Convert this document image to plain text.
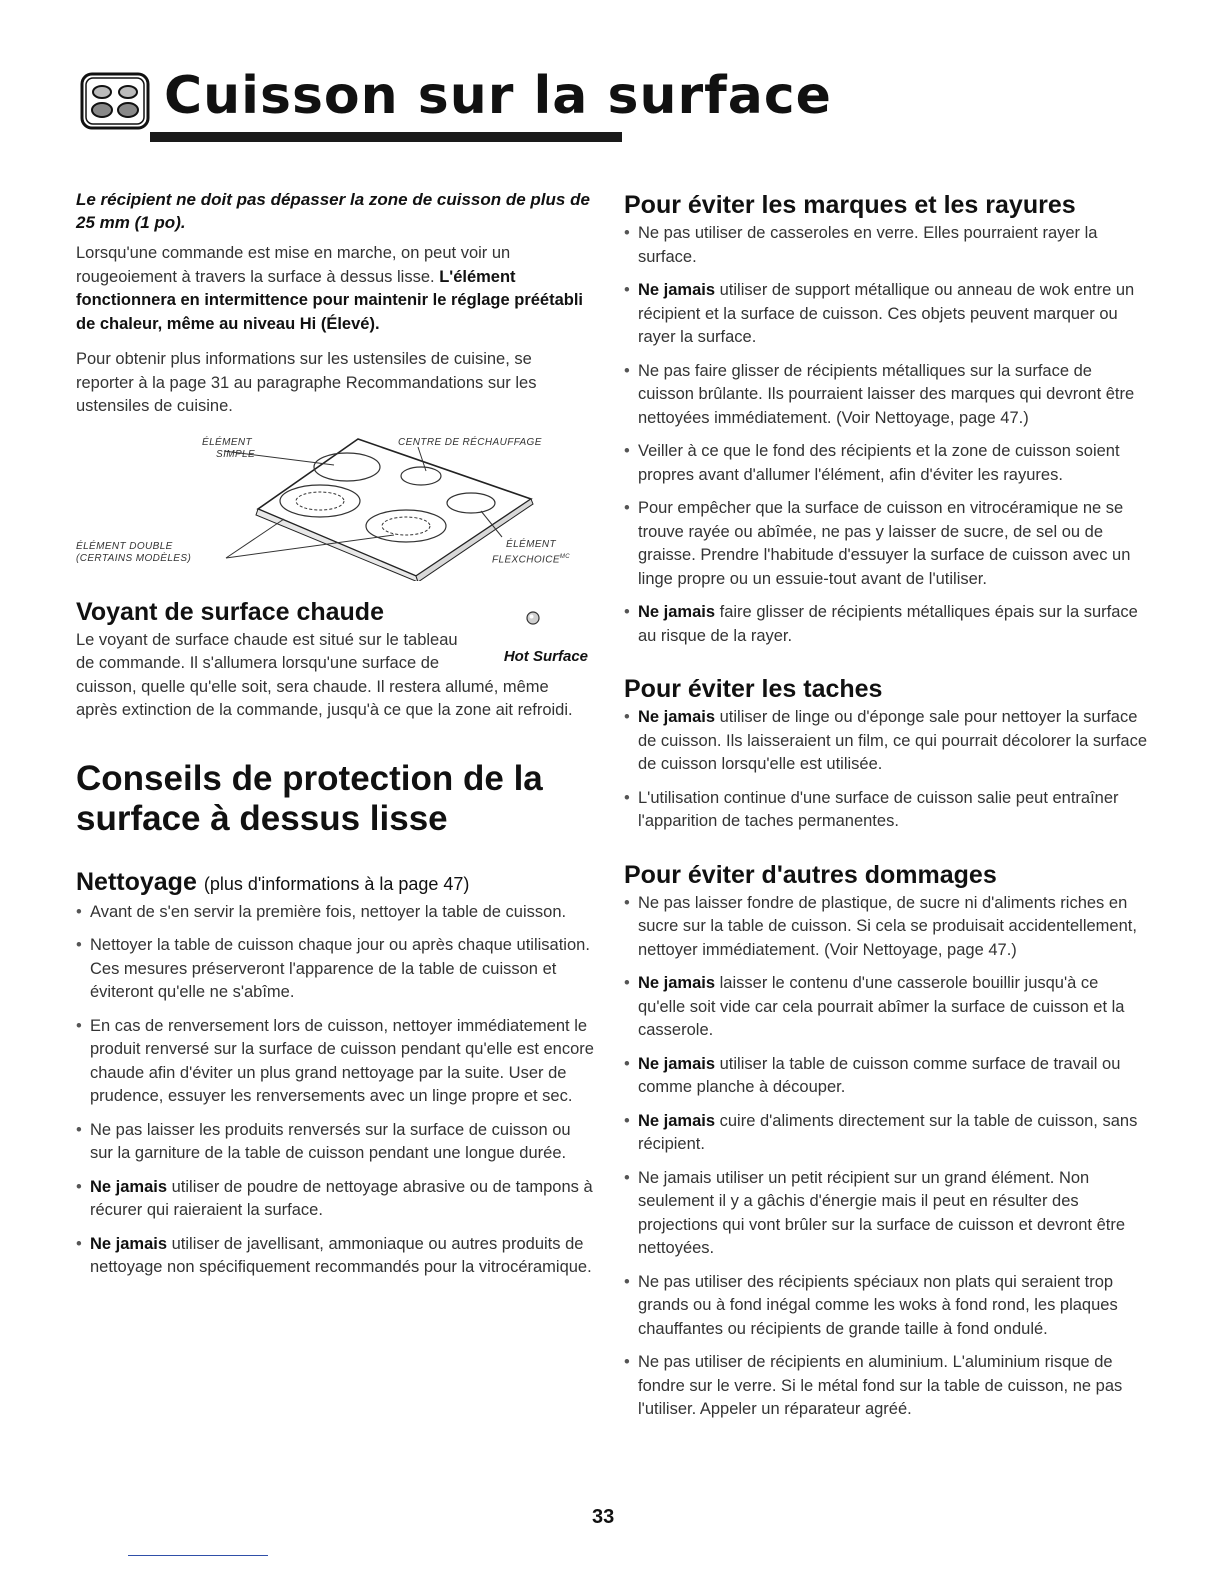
Cuisson sur la surface

Le récipient ne doit pas dépasser la zone de cuisson de plus de 25 mm (1 po).

Lorsqu'une commande est mise en marche, on peut voir un rougeoiement à travers la surface à dessus lisse. L'élément fonctionnera en intermittence pour maintenir le réglage préétabli de chaleur, même au niveau Hi (Élevé).

Pour obtenir plus informations sur les ustensiles de cuisine, se reporter à la page 31 au paragraphe Recommandations sur les ustensiles de cuisine.

ÉLÉMENT
SIMPLE
CENTRE DE RÉCHAUFFAGE
ÉLÉMENT DOUBLE
(CERTAINS MODÈLES)
ÉLÉMENT
$FLEXCHOICE^{MC}$
Voyant de surface chaude
Hot Surface
Le voyant de surface chaude est situé sur le tableau
de commande. Il s'allumera lorsqu'une surface de
cuisson, quelle qu'elle soit, sera chaude. Il restera allumé, même après extinction de la commande, jusqu'à ce que la zone ait refroidi.
Conseils de protection de la surface à dessus lisse
Nettoyage (plus d'informations à la page 47)
• Avant de s'en servir la première fois, nettoyer la table de cuisson.
• Nettoyer la table de cuisson chaque jour ou après chaque utilisation. Ces mesures préserveront l'apparence de la table de cuisson et éviteront qu'elle ne s'abîme.
• En cas de renversement lors de cuisson, nettoyer immédiatement le produit renversé sur la surface de cuisson pendant qu'elle est encore chaude afin d'éviter un plus grand nettoyage par la suite. User de prudence, essuyer les renversements avec un linge propre et sec.
• Ne pas laisser les produits renversés sur la surface de cuisson ou sur la garniture de la table de cuisson pendant une longue durée.
• Ne jamais utiliser de poudre de nettoyage abrasive ou de tampons à récurer qui raieraient la surface.
• Ne jamais utiliser de javellisant, ammoniaque ou autres produits de nettoyage non spécifiquement recommandés pour la vitrocéramique.
Pour éviter les marques et les rayures
• Ne pas utiliser de casseroles en verre. Elles pourraient rayer la surface.
• Ne jamais utiliser de support métallique ou anneau de wok entre un récipient et la surface de cuisson. Ces objets peuvent marquer ou rayer la surface.
• Ne pas faire glisser de récipients métalliques sur la surface de cuisson brûlante. Ils pourraient laisser des marques qui devront être nettoyées immédiatement. (Voir Nettoyage, page 47.)
• Veiller à ce que le fond des récipients et la zone de cuisson soient propres avant d'allumer l'élément, afin d'éviter les rayures.
• Pour empêcher que la surface de cuisson en vitrocéramique ne se trouve rayée ou abîmée, ne pas y laisser de sucre, de sel ou de graisse. Prendre l'habitude d'essuyer la surface de cuisson avec un linge propre ou un essuie-tout avant de l'utiliser.
• Ne jamais faire glisser de récipients métalliques épais sur la surface au risque de la rayer.
Pour éviter les taches
• Ne jamais utiliser de linge ou d'éponge sale pour nettoyer la surface de cuisson. Ils laisseraient un film, ce qui pourrait décolorer la surface de cuisson lorsqu'elle est utilisée.
• L'utilisation continue d'une surface de cuisson salie peut entraîner l'apparition de taches permanentes.
Pour éviter d'autres dommages
• Ne pas laisser fondre de plastique, de sucre ni d'aliments riches en sucre sur la table de cuisson. Si cela se produisait accidentellement, nettoyer immédiatement. (Voir Nettoyage, page 47.)
• Ne jamais laisser le contenu d'une casserole bouillir jusqu'à ce qu'elle soit vide car cela pourrait abîmer la surface de cuisson et la casserole.
• Ne jamais utiliser la table de cuisson comme surface de travail ou comme planche à découper.
• Ne jamais cuire d'aliments directement sur la table de cuisson, sans récipient.
• Ne jamais utiliser un petit récipient sur un grand élément. Non seulement il y a gâchis d'énergie mais il peut en résulter des projections qui vont brûler sur la surface de cuisson et devront être nettoyées.
• Ne pas utiliser des récipients spéciaux non plats qui seraient trop grands ou à fond inégal comme les woks à fond rond, les plaques chauffantes ou récipients de grande taille à fond ondulé.
• Ne pas utiliser de récipients en aluminium. L'aluminium risque de fondre sur le verre. Si le métal fond sur la table de cuisson, ne pas l'utiliser. Appeler un réparateur agréé.
33
